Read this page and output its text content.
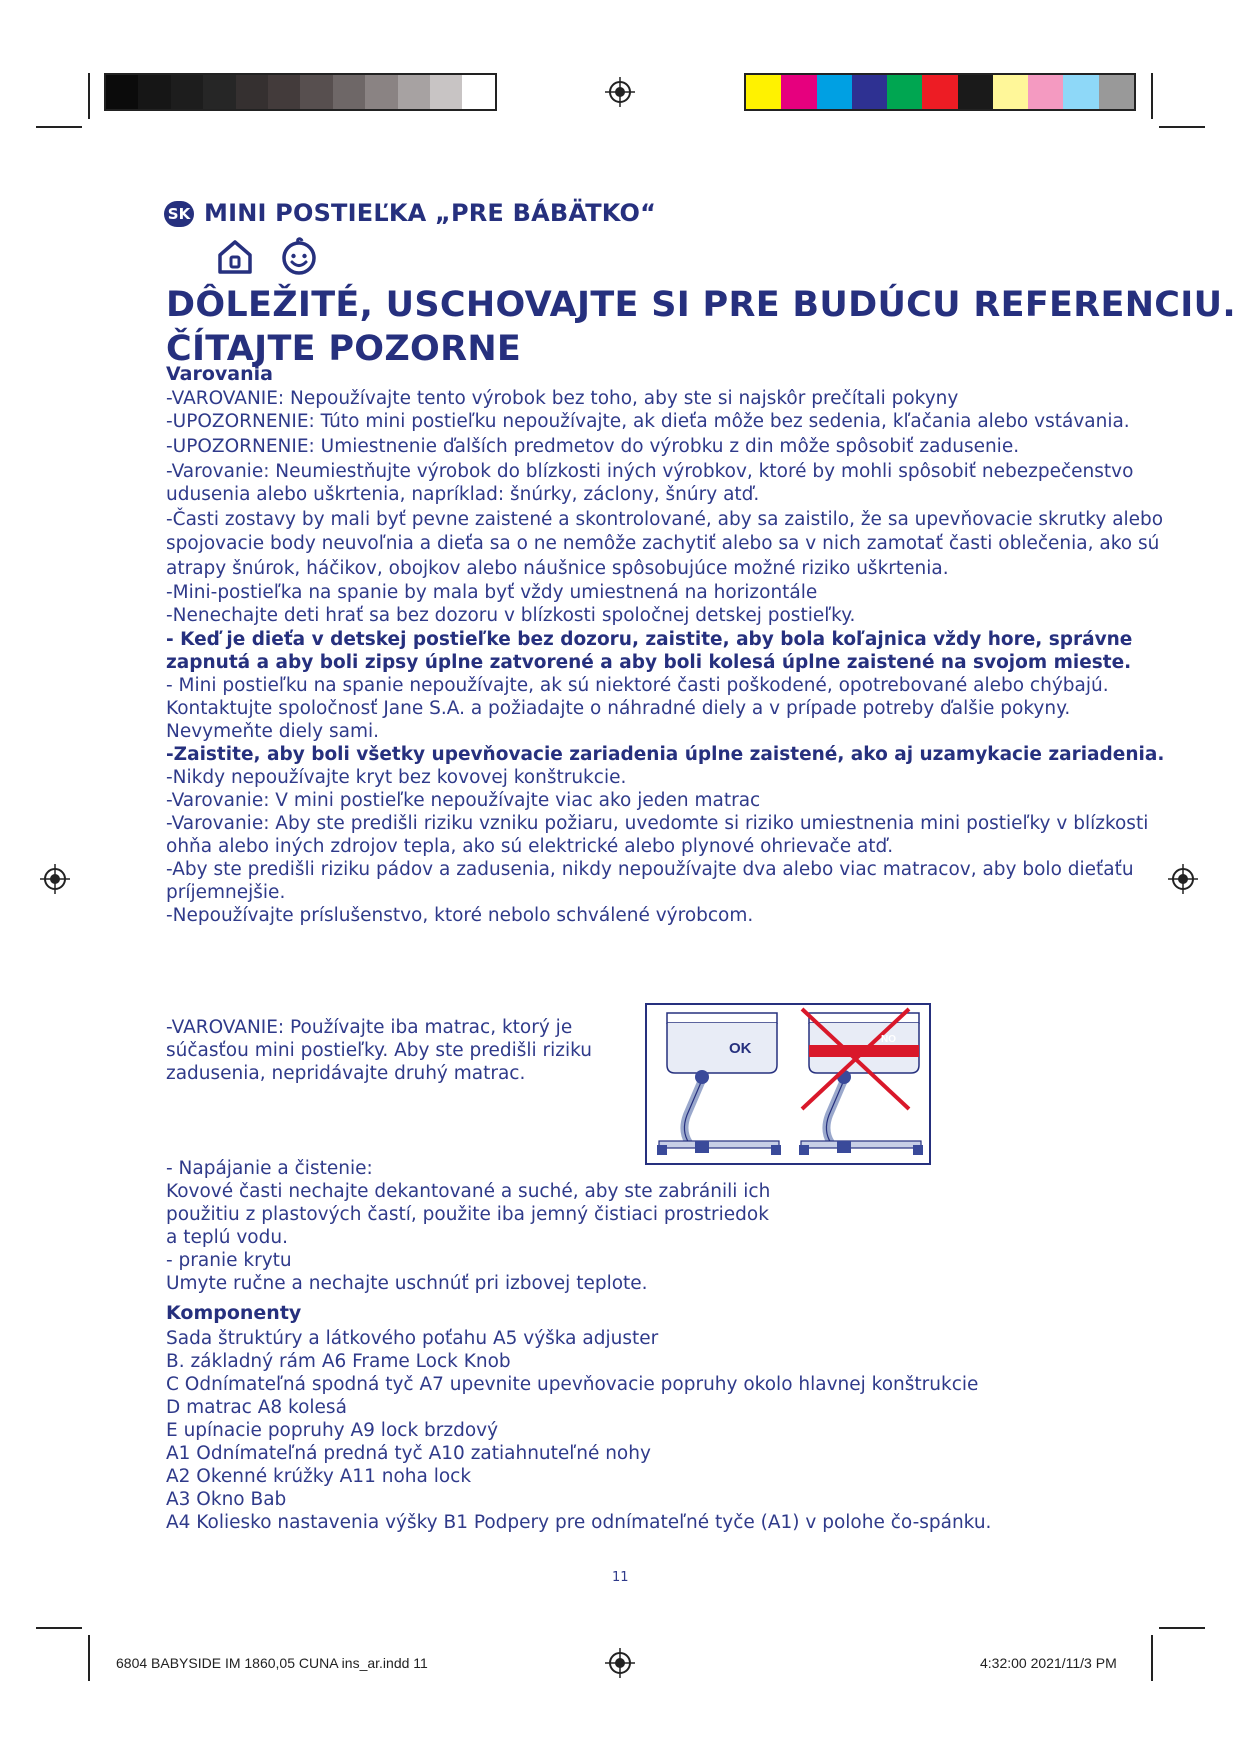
SK MINI POSTIEĽKA „PRE BÁBÄTKO“
DÔLEŽITÉ, USCHOVAJTE SI PRE BUDÚCU REFERENCIU.
ČÍTAJTE POZORNE
Varovania
-VAROVANIE: Nepoužívajte tento výrobok bez toho, aby ste si najskôr prečítali pokyny
-UPOZORNENIE: Túto mini postieľku nepoužívajte, ak dieťa môže bez sedenia, kľačania alebo vstávania.
-UPOZORNENIE: Umiestnenie ďalších predmetov do výrobku z din môže spôsobiť zadusenie.
-Varovanie: Neumiestňujte výrobok do blízkosti iných výrobkov, ktoré by mohli spôsobiť nebezpečenstvo
udusenia alebo uškrtenia, napríklad: šnúrky, záclony, šnúry atď.
-Časti zostavy by mali byť pevne zaistené a skontrolované, aby sa zaistilo, že sa upevňovacie skrutky alebo
spojovacie body neuvoľnia a dieťa sa o ne nemôže zachytiť alebo sa v nich zamotať časti oblečenia, ako sú
atrapy šnúrok, háčikov, obojkov alebo náušnice spôsobujúce možné riziko uškrtenia.
-Mini-postieľka na spanie by mala byť vždy umiestnená na horizontále
-Nenechajte deti hrať sa bez dozoru v blízkosti spoločnej detskej postieľky.
- Keď je dieťa v detskej postieľke bez dozoru, zaistite, aby bola koľajnica vždy hore, správne
zapnutá a aby boli zipsy úplne zatvorené a aby boli kolesá úplne zaistené na svojom mieste.
- Mini postieľku na spanie nepoužívajte, ak sú niektoré časti poškodené, opotrebované alebo chýbajú.
Kontaktujte spoločnosť Jane S.A. a požiadajte o náhradné diely a v prípade potreby ďalšie pokyny.
Nevymeňte diely sami.
-Zaistite, aby boli všetky upevňovacie zariadenia úplne zaistené, ako aj uzamykacie zariadenia.
-Nikdy nepoužívajte kryt bez kovovej konštrukcie.
-Varovanie: V mini postieľke nepoužívajte viac ako jeden matrac
-Varovanie: Aby ste predišli riziku vzniku požiaru, uvedomte si riziko umiestnenia mini postieľky v blízkosti
ohňa alebo iných zdrojov tepla, ako sú elektrické alebo plynové ohrievače atď.
-Aby ste predišli riziku pádov a zadusenia, nikdy nepoužívajte dva alebo viac matracov, aby bolo dieťaťu
príjemnejšie.
-Nepoužívajte príslušenstvo, ktoré nebolo schválené výrobcom.
-VAROVANIE: Používajte iba matrac, ktorý je
súčasťou mini postieľky. Aby ste predišli riziku
zadusenia, nepridávajte druhý matrac.
OK
NO
- Napájanie a čistenie:
Kovové časti nechajte dekantované a suché, aby ste zabránili ich
použitiu z plastových častí, použite iba jemný čistiaci prostriedok
a teplú vodu.
- pranie krytu
Umyte ručne a nechajte uschnúť pri izbovej teplote.
Komponenty
Sada štruktúry a látkového poťahu A5 výška adjuster
B. základný rám A6 Frame Lock Knob
C Odnímateľná spodná tyč A7 upevnite upevňovacie popruhy okolo hlavnej konštrukcie
D matrac A8 kolesá
E upínacie popruhy A9 lock brzdový
A1 Odnímateľná predná tyč A10 zatiahnuteľné nohy
A2 Okenné krúžky A11 noha lock
A3 Okno Bab
A4 Koliesko nastavenia výšky B1 Podpery pre odnímateľné tyče (A1) v polohe čo-spánku.
11
6804 BABYSIDE IM 1860,05 CUNA ins_ar.indd 11	4:32:00 2021/11/3 PM
